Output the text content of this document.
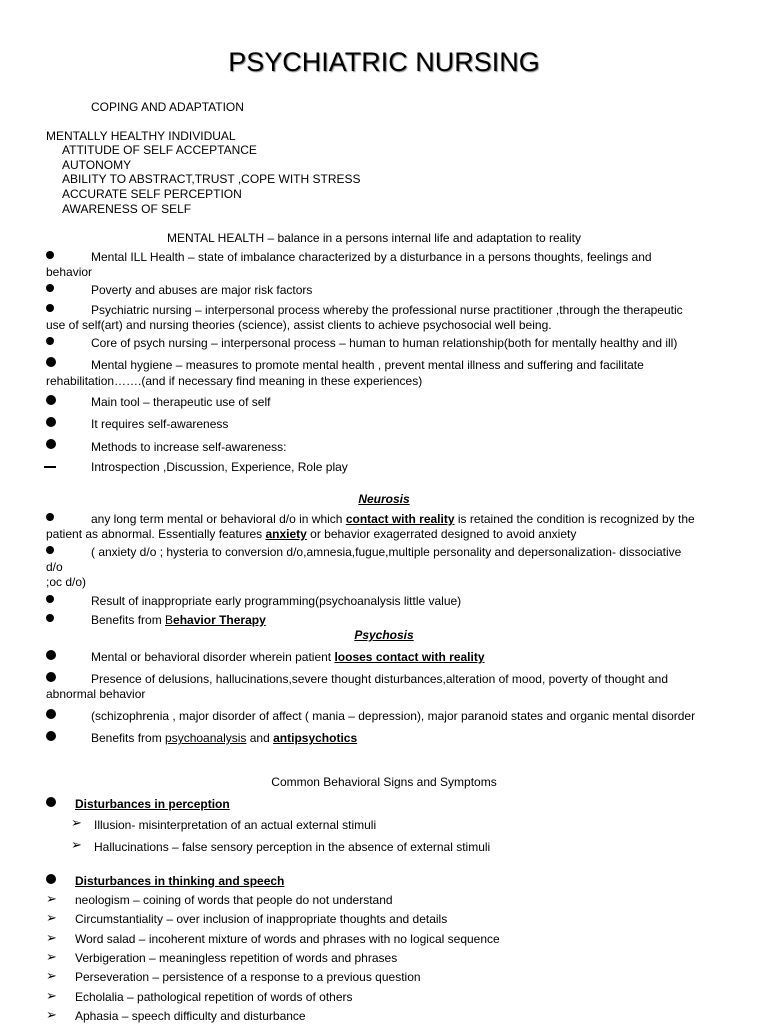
PSYCHIATRIC NURSING
COPING AND ADAPTATION
MENTALLY HEALTHY INDIVIDUAL
ATTITUDE OF SELF ACCEPTANCE
AUTONOMY
ABILITY TO ABSTRACT,TRUST ,COPE WITH STRESS
ACCURATE SELF PERCEPTION
AWARENESS OF SELF
MENTAL HEALTH – balance in a persons internal life and adaptation to reality
Mental ILL Health – state of imbalance characterized by a disturbance in a persons thoughts, feelings and
behavior
Poverty and abuses are major risk factors
Psychiatric nursing – interpersonal process whereby the professional nurse practitioner ,through the therapeutic
use of self(art) and nursing theories (science), assist clients to achieve psychosocial well being.
Core of psych nursing – interpersonal process – human to human relationship(both for mentally healthy and ill)
Mental hygiene – measures to promote mental health , prevent mental illness and suffering and facilitate
rehabilitation…….(and if necessary find meaning in these experiences)
Main tool – therapeutic use of self
It requires self-awareness
Methods to increase self-awareness:
Introspection ,Discussion, Experience, Role play
Neurosis
any long term mental or behavioral d/o in which contact with reality is retained the condition is recognized by the
patient as abnormal. Essentially features anxiety or behavior exagerrated designed to avoid anxiety
( anxiety d/o ; hysteria to conversion d/o,amnesia,fugue,multiple personality and depersonalization- dissociative
d/o
;oc d/o)
Result of inappropriate early programming(psychoanalysis little value)
Benefits from Behavior Therapy
Psychosis
Mental or behavioral disorder wherein patient looses contact with reality
Presence of delusions, hallucinations,severe thought disturbances,alteration of mood, poverty of thought and
abnormal behavior
(schizophrenia , major disorder of affect ( mania – depression), major paranoid states and organic mental disorder
Benefits from psychoanalysis and antipsychotics
Common Behavioral Signs and Symptoms
Disturbances in perception
➢ Illusion- misinterpretation of an actual external stimuli
➢ Hallucinations – false sensory perception in the absence of external stimuli
Disturbances in thinking and speech
➢ neologism – coining of words that people do not understand
➢ Circumstantiality – over inclusion of inappropriate thoughts and details
➢ Word salad – incoherent mixture of words and phrases with no logical sequence
➢ Verbigeration – meaningless repetition of words and phrases
➢ Perseveration – persistence of a response to a previous question
➢ Echolalia – pathological repetition of words of others
➢ Aphasia – speech difficulty and disturbance
